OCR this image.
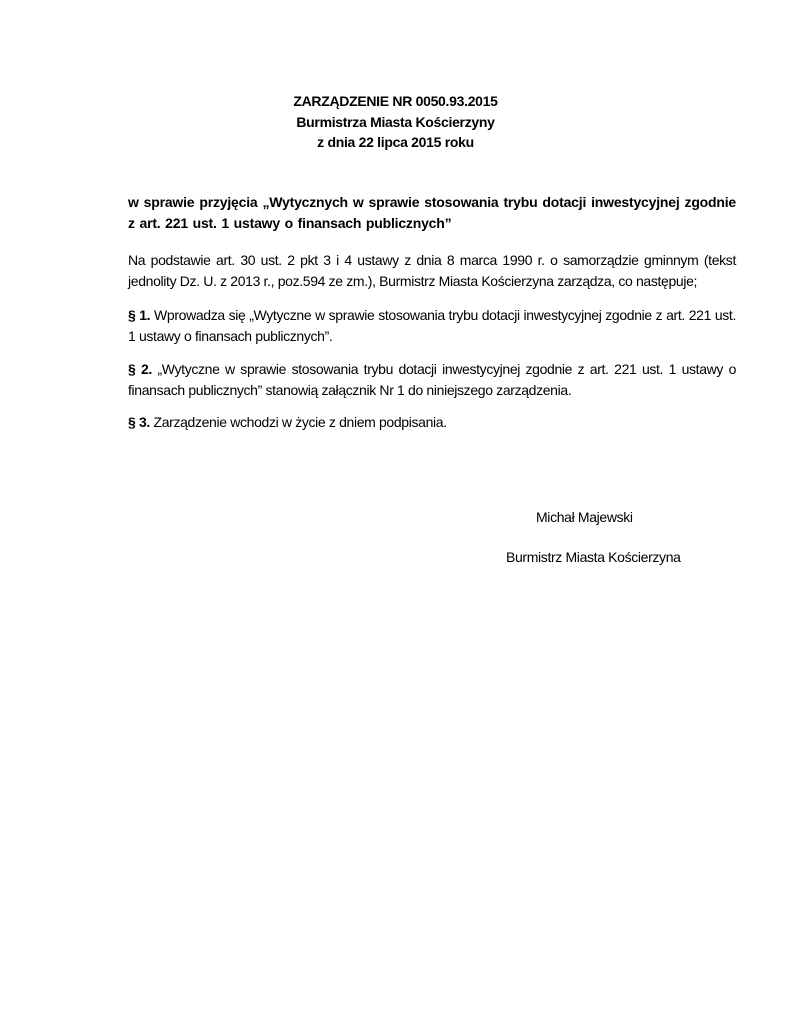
ZARZĄDZENIE NR 0050.93.2015
Burmistrza Miasta Kościerzyny
z dnia 22 lipca 2015 roku
w sprawie przyjęcia „Wytycznych w sprawie stosowania trybu dotacji inwestycyjnej zgodnie z art. 221 ust. 1 ustawy o finansach publicznych”
Na podstawie art. 30 ust. 2 pkt 3 i 4 ustawy z dnia 8 marca 1990 r. o samorządzie gminnym (tekst jednolity Dz. U. z 2013 r., poz.594 ze zm.), Burmistrz Miasta Kościerzyna zarządza, co następuje;
§ 1. Wprowadza się „Wytyczne w sprawie stosowania trybu dotacji inwestycyjnej zgodnie z art. 221 ust. 1 ustawy o finansach publicznych”.
§ 2. „Wytyczne w sprawie stosowania trybu dotacji inwestycyjnej zgodnie z art. 221 ust. 1 ustawy o finansach publicznych” stanowią załącznik Nr 1 do niniejszego zarządzenia.
§ 3. Zarządzenie wchodzi w życie z dniem podpisania.
Michał Majewski
Burmistrz Miasta Kościerzyna
